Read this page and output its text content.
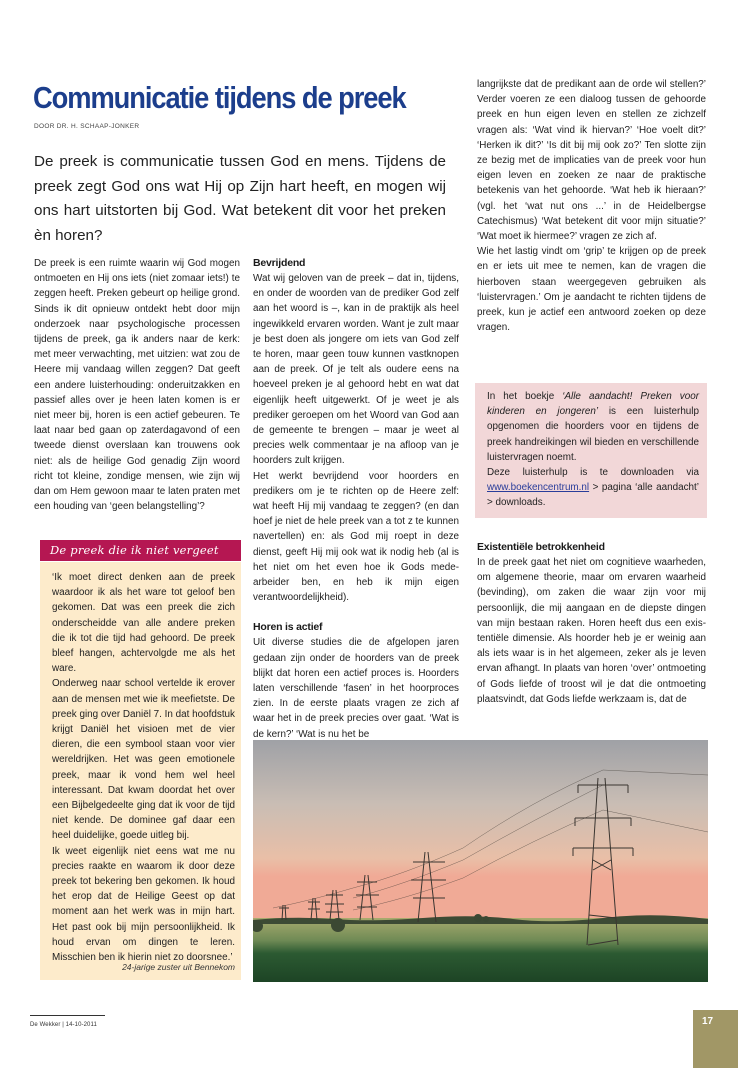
Communicatie tijdens de preek
DOOR DR. H. SCHAAP-JONKER
De preek is communicatie tussen God en mens. Tijdens de preek zegt God ons wat Hij op Zijn hart heeft, en mogen wij ons hart uitstorten bij God. Wat betekent dit voor het preken èn horen?

De preek is een ruimte waarin wij God mogen ontmoeten en Hij ons iets (niet zomaar iets!) te zeggen heeft. Preken gebeurt op heilige grond. Sinds ik dit opnieuw ontdekt hebt door mijn onderzoek naar psychologische processen tijdens de preek, ga ik anders naar de kerk: met meer verwachting, met uitzien: wat zou de Heere mij vandaag willen zeggen? Dat geeft een andere luisterhouding: onderuitzakken en passief alles over je heen laten komen is er niet meer bij, horen is een actief gebeuren. Te laat naar bed gaan op zaterdagavond of een tweede dienst overslaan kan trouwens ook niet: als de heilige God genadig Zijn woord richt tot kleine, zondige mensen, wie zijn wij dan om Hem gewoon maar te laten praten met een houding van ‘geen belangstelling’?

De preek die ik niet vergeet

‘Ik moet direct denken aan de preek waardoor ik als het ware tot geloof ben gekomen. Dat was een preek die zich onderscheidde van alle andere preken die ik tot die tijd had gehoord. De preek bleef hangen, achtervolgde me als het ware.

Onderweg naar school vertelde ik erover aan de mensen met wie ik meefietste. De preek ging over Daniël 7. In dat hoofdstuk krijgt Daniël het visioen met de vier dieren, die een symbool staan voor vier wereldrijken. Het was geen emotionele preek, maar ik vond hem wel heel interessant. Dat kwam doordat het over een Bijbelgedeelte ging dat ik voor de tijd niet kende. De dominee gaf daar een heel duidelijke, goede uitleg bij.

Ik weet eigenlijk niet eens wat me nu precies raakte en waarom ik door deze preek tot bekering ben gekomen. Ik houd het erop dat de Heilige Geest op dat moment aan het werk was in mijn hart. Het past ook bij mijn persoonlijkheid. Ik houd ervan om dingen te leren. Misschien ben ik hierin niet zo doorsnee.’

24-jarige zuster uit Bennekom
Bevrijdend

Wat wij geloven van de preek – dat in, tijdens, en onder de woorden van de prediker God zelf aan het woord is –, kan in de praktijk als heel ingewikkeld ervaren worden. Want je zult maar je best doen als jongere om iets van God zelf te horen, maar geen touw kunnen vastknopen aan de preek. Of je telt als oudere eens na hoeveel preken je al gehoord hebt en wat dat eigenlijk heeft uitgewerkt. Of je weet je als prediker geroepen om het Woord van God aan de gemeente te brengen – maar je weet al precies welk commentaar je na afloop van je hoorders zult krijgen.

Het werkt bevrijdend voor hoorders en predikers om je te richten op de Heere zelf: wat heeft Hij mij vandaag te zeggen? (en dan hoef je niet de hele preek van a tot z te kunnen navertellen) en: als God mij roept in deze dienst, geeft Hij mij ook wat ik nodig heb (al is het niet om het even hoe ik Gods mede-arbeider ben, en heb ik mijn eigen verantwoordelijkheid).

Horen is actief

Uit diverse studies die de afgelopen jaren gedaan zijn onder de hoorders van de preek blijkt dat horen een actief proces is. Hoorders laten verschillende ‘fasen’ in het hoorproces zien. In de eerste plaats vragen ze zich af waar het in de preek precies over gaat. ‘Wat is de kern?’ ‘Wat is nu het be

langrijkste dat de predikant aan de orde wil stellen?’ Verder voeren ze een dialoog tussen de gehoorde preek en hun eigen leven en stellen ze zichzelf vragen als: ‘Wat vind ik hiervan?’ ‘Hoe voelt dit?’ ‘Herken ik dit?’ ‘Is dit bij mij ook zo?’ Ten slotte zijn ze bezig met de implicaties van de preek voor hun eigen leven en zoeken ze naar de praktische betekenis van het gehoorde. ‘Wat heb ik hieraan?’ (vgl. het ‘wat nut ons ...’ in de Heidelbergse Catechismus) ‘Wat betekent dit voor mijn situatie?’ ‘Wat moet ik hiermee?’ vragen ze zich af.

Wie het lastig vindt om ‘grip’ te krijgen op de preek en er iets uit mee te nemen, kan de vragen die hierboven staan weergegeven gebruiken als ‘luistervragen.’ Om je aandacht te richten tijdens de preek, kun je actief een antwoord zoeken op deze vragen.

In het boekje ‘Alle aandacht! Preken voor kinderen en jongeren’ is een luisterhulp opgenomen die hoorders voor en tijdens de preek handreikingen wil bieden en verschillende luistervragen noemt.

Deze luisterhulp is te downloaden via www.boekencentrum.nl > pagina ‘alle aandacht’ > downloads.

Existentiële betrokkenheid

In de preek gaat het niet om cognitieve waarheden, om algemene theorie, maar om ervaren waarheid (bevinding), om zaken die waar zijn voor mij persoonlijk, die mij aangaan en de diepste dingen van mijn bestaan raken. Horen heeft dus een existentiële dimensie. Als hoorder heb je er weinig aan als iets waar is in het algemeen, zeker als je leven ervan afhangt. In plaats van horen ‘over’ ontmoeting of Gods liefde of troost wil je dat die ontmoeting plaatsvindt, dat Gods liefde werkzaam is, dat de

De Wekker | 14-10-2011	17
